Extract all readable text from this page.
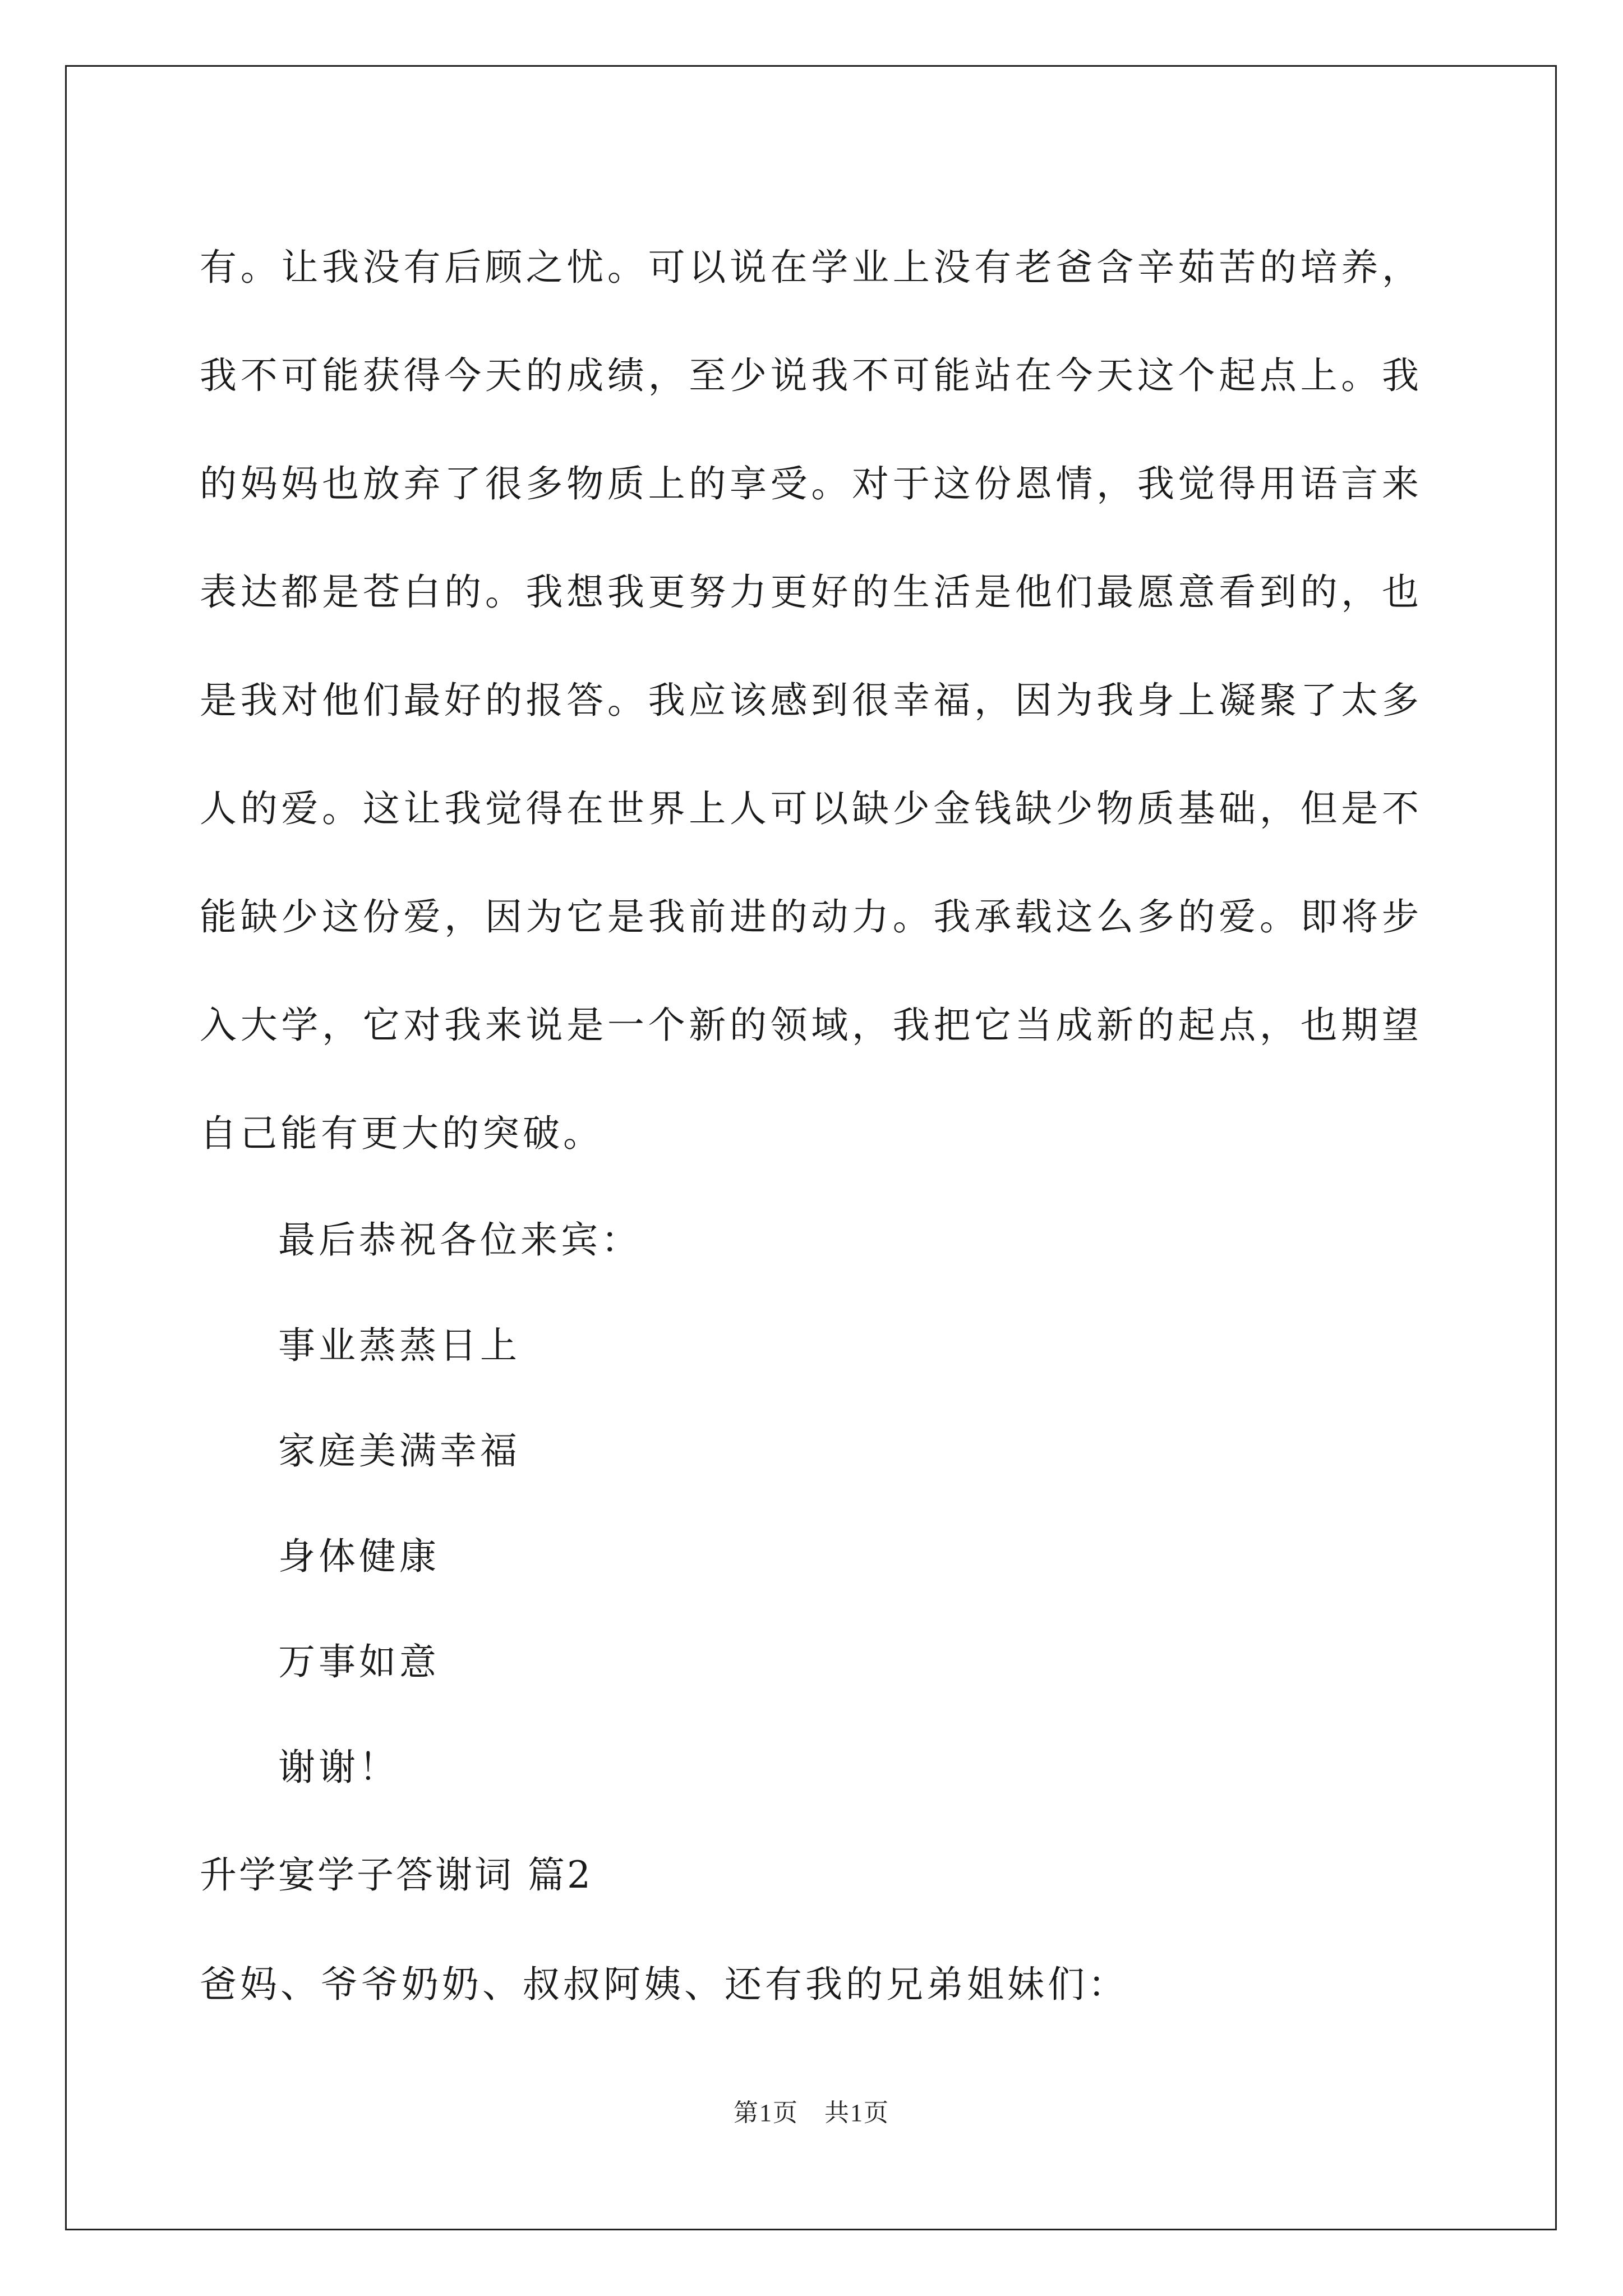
有。让我没有后顾之忧。可以说在学业上没有老爸含辛茹苦的培养，
我不可能获得今天的成绩，至少说我不可能站在今天这个起点上。我
的妈妈也放弃了很多物质上的享受。对于这份恩情，我觉得用语言来
表达都是苍白的。我想我更努力更好的生活是他们最愿意看到的，也
是我对他们最好的报答。我应该感到很幸福，因为我身上凝聚了太多
人的爱。这让我觉得在世界上人可以缺少金钱缺少物质基础，但是不
能缺少这份爱，因为它是我前进的动力。我承载这么多的爱。即将步
入大学，它对我来说是一个新的领域，我把它当成新的起点，也期望
自己能有更大的突破。

最后恭祝各位来宾：

事业蒸蒸日上

家庭美满幸福

身体健康

万事如意

谢谢！

升学宴学子答谢词 篇2

爸妈、爷爷奶奶、叔叔阿姨、还有我的兄弟姐妹们：

第1页　共1页
